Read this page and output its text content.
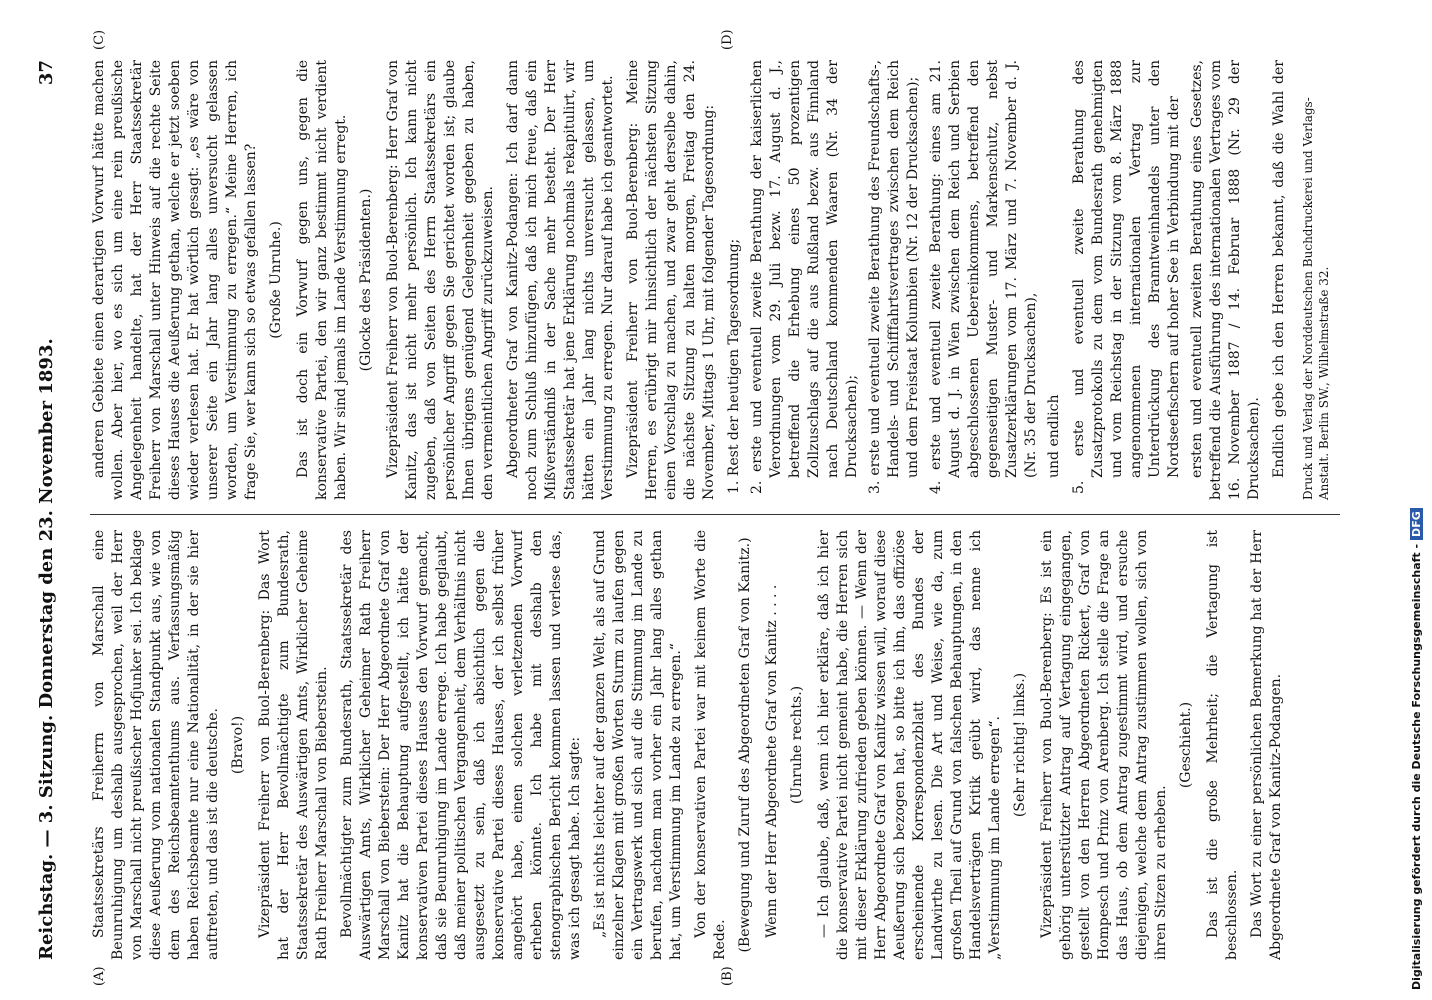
Reichstag. — 3. Sitzung. Donnerstag den 23. November 1893.
37
(A)	(B)
(C)	(D)

Staatssekretärs Freiherrn von Marschall eine Beunruhigung um deshalb ausgesprochen, weil der Herr von Marschall nicht preußischer Hofjunker sei. Ich beklage diese Aeußerung vom nationalen Standpunkt aus, wie von dem des Reichsbeamtenthums aus. Verfassungsmäßig haben Reichsbeamte nur eine Nationalität, in der sie hier auftreten, und das ist die deutsche. (Bravo!) Vizepräsident Freiherr von Buol-Berenberg: Das Wort hat der Herr Bevollmächtigte zum Bundesrath, Staatssekretär des Auswärtigen Amts, Wirklicher Geheime Rath Freiherr Marschall von Bieberstein. Bevollmächtigter zum Bundesrath, Staatssekretär des Auswärtigen Amts, Wirklicher Geheimer Rath Freiherr Marschall von Bieberstein: Der Herr Abgeordnete Graf von Kanitz hat die Behauptung aufgestellt, ich hätte der konservativen Partei dieses Hauses den Vorwurf gemacht, daß sie Beunruhigung im Lande errege. Ich habe geglaubt, daß meiner politischen Vergangenheit, dem Verhältnis nicht ausgesetzt zu sein, daß ich absichtlich gegen die konservative Partei dieses Hauses, der ich selbst früher angehört habe, einen solchen verletzenden Vorwurf erheben könnte. Ich habe mit deshalb den stenographischen Bericht kommen lassen und verlese das, was ich gesagt habe. Ich sagte: „Es ist nichts leichter auf der ganzen Welt, als auf Grund einzelner Klagen mit großen Worten Sturm zu laufen gegen ein Vertragswerk und sich auf die Stimmung im Lande zu berufen, nachdem man vorher ein Jahr lang alles gethan hat, um Verstimmung im Lande zu erregen.“ Von der konservativen Partei war mit keinem Worte die Rede. (Bewegung und Zuruf des Abgeordneten Graf von Kanitz.) Wenn der Herr Abgeordnete Graf von Kanitz . . . . (Unruhe rechts.) — Ich glaube, daß, wenn ich hier erkläre, daß ich hier die konservative Partei nicht gemeint habe, die Herren sich mit dieser Erklärung zufrieden geben können. — Wenn der Herr Abgeordnete Graf von Kanitz wissen will, worauf diese Aeußerung sich bezogen hat, so bitte ich ihn, das offiziöse erscheinende Korrespondenzblatt des Bundes der Landwirthe zu lesen. Die Art und Weise, wie da, zum großen Theil auf Grund von falschen Behauptungen, in den Handelsverträgen Kritik geübt wird, das nenne ich „Verstimmung im Lande erregen“. (Sehr richtig! links.) Vizepräsident Freiherr von Buol-Berenberg: Es ist ein gehörig unterstützter Antrag auf Vertagung eingegangen, gestellt von den Herren Abgeordneten Rickert, Graf von Hompesch und Prinz von Arenberg. Ich stelle die Frage an das Haus, ob dem Antrag zugestimmt wird, und ersuche diejenigen, welche dem Antrag zustimmen wollen, sich von ihren Sitzen zu erheben.

(Geschieht.) Das ist die große Mehrheit; die Vertagung ist beschlossen. Das Wort zu einer persönlichen Bemerkung hat der Herr Abgeordnete Graf von Kanitz-Podangen.

anderen Gebiete einen derartigen Vorwurf hätte machen wollen. Aber hier, wo es sich um eine rein preußische Angelegenheit handelte, hat der Herr Staatssekretär Freiherr von Marschall unter Hinweis auf die rechte Seite dieses Hauses die Aeußerung gethan, welche er jetzt soeben wieder verlesen hat. Er hat wörtlich gesagt: „es wäre von unserer Seite ein Jahr lang alles unversucht gelassen worden, um Verstimmung zu erregen.“ Meine Herren, ich frage Sie, wer kann sich so etwas gefallen lassen? (Große Unruhe.) Das ist doch ein Vorwurf gegen uns, gegen die konservative Partei, den wir ganz bestimmt nicht verdient haben. Wir sind jemals im Lande Verstimmung erregt. (Glocke des Präsidenten.) Vizepräsident Freiherr von Buol-Berenberg: Herr Graf von Kanitz, das ist nicht mehr persönlich. Ich kann nicht zugeben, daß von Seiten des Herrn Staatssekretärs ein persönlicher Angriff gegen Sie gerichtet worden ist; glaube Ihnen übrigens genügend Gelegenheit gegeben zu haben, den vermeintlichen Angriff zurückzuweisen. Abgeordneter Graf von Kanitz-Podangen: Ich darf dann noch zum Schluß hinzufügen, daß ich mich freue, daß ein Mißverständniß in der Sache mehr besteht. Der Herr Staatssekretär hat jene Erklärung nochmals rekapitulirt, wir hätten ein Jahr lang nichts unversucht gelassen, um Verstimmung zu erregen. Nur darauf habe ich geantwortet. Vizepräsident Freiherr von Buol-Berenberg: Meine Herren, es erübrigt mir hinsichtlich der nächsten Sitzung einen Vorschlag zu machen, und zwar geht derselbe dahin, die nächste Sitzung zu halten morgen, Freitag den 24. November, Mittags 1 Uhr, mit folgender Tagesordnung: 1. Rest der heutigen Tagesordnung; 2. erste und eventuell zweite Berathung der kaiserlichen Verordnungen vom 29. Juli bezw. 17. August d. J., betreffend die Erhebung eines 50 prozentigen Zollzuschlags auf die aus Rußland bezw. aus Finnland nach Deutschland kommenden Waaren (Nr. 34 der Drucksachen); 3. erste und eventuell zweite Berathung des Freundschafts-, Handels- und Schifffahrtsvertrages zwischen dem Reich und dem Freistaat Kolumbien (Nr. 12 der Drucksachen); 4. erste und eventuell zweite Berathung: eines am 21. August d. J. in Wien zwischen dem Reich und Serbien abgeschlossenen Uebereinkommens, betreffend den gegenseitigen Muster- und Markenschutz, nebst Zusatzerklärungen vom 17. März und 7. November d. J. (Nr. 35 der Drucksachen), und endlich 5. erste und eventuell zweite Berathung des Zusatzprotokolls zu dem vom Bundesrath genehmigten und vom Reichstag in der Sitzung vom 8. März 1888 angenommenen internationalen Vertrag zur Unterdrückung des Branntweinhandels unter den Nordseefischern auf hoher See in Verbindung mit der ersten und eventuell zweiten Berathung eines Gesetzes, betreffend die Ausführung des internationalen Vertrages vom 16. November 1887 / 14. Februar 1888 (Nr. 29 der Drucksachen). Endlich gebe ich den Herren bekannt, daß die Wahl der

Druck und Verlag der Norddeutschen Buchdruckerei und Verlags-Anstalt. Berlin SW., Wilhelmstraße 32.
Digitalisierung gefördert durch die Deutsche Forschungsgemeinschaft -DFG
